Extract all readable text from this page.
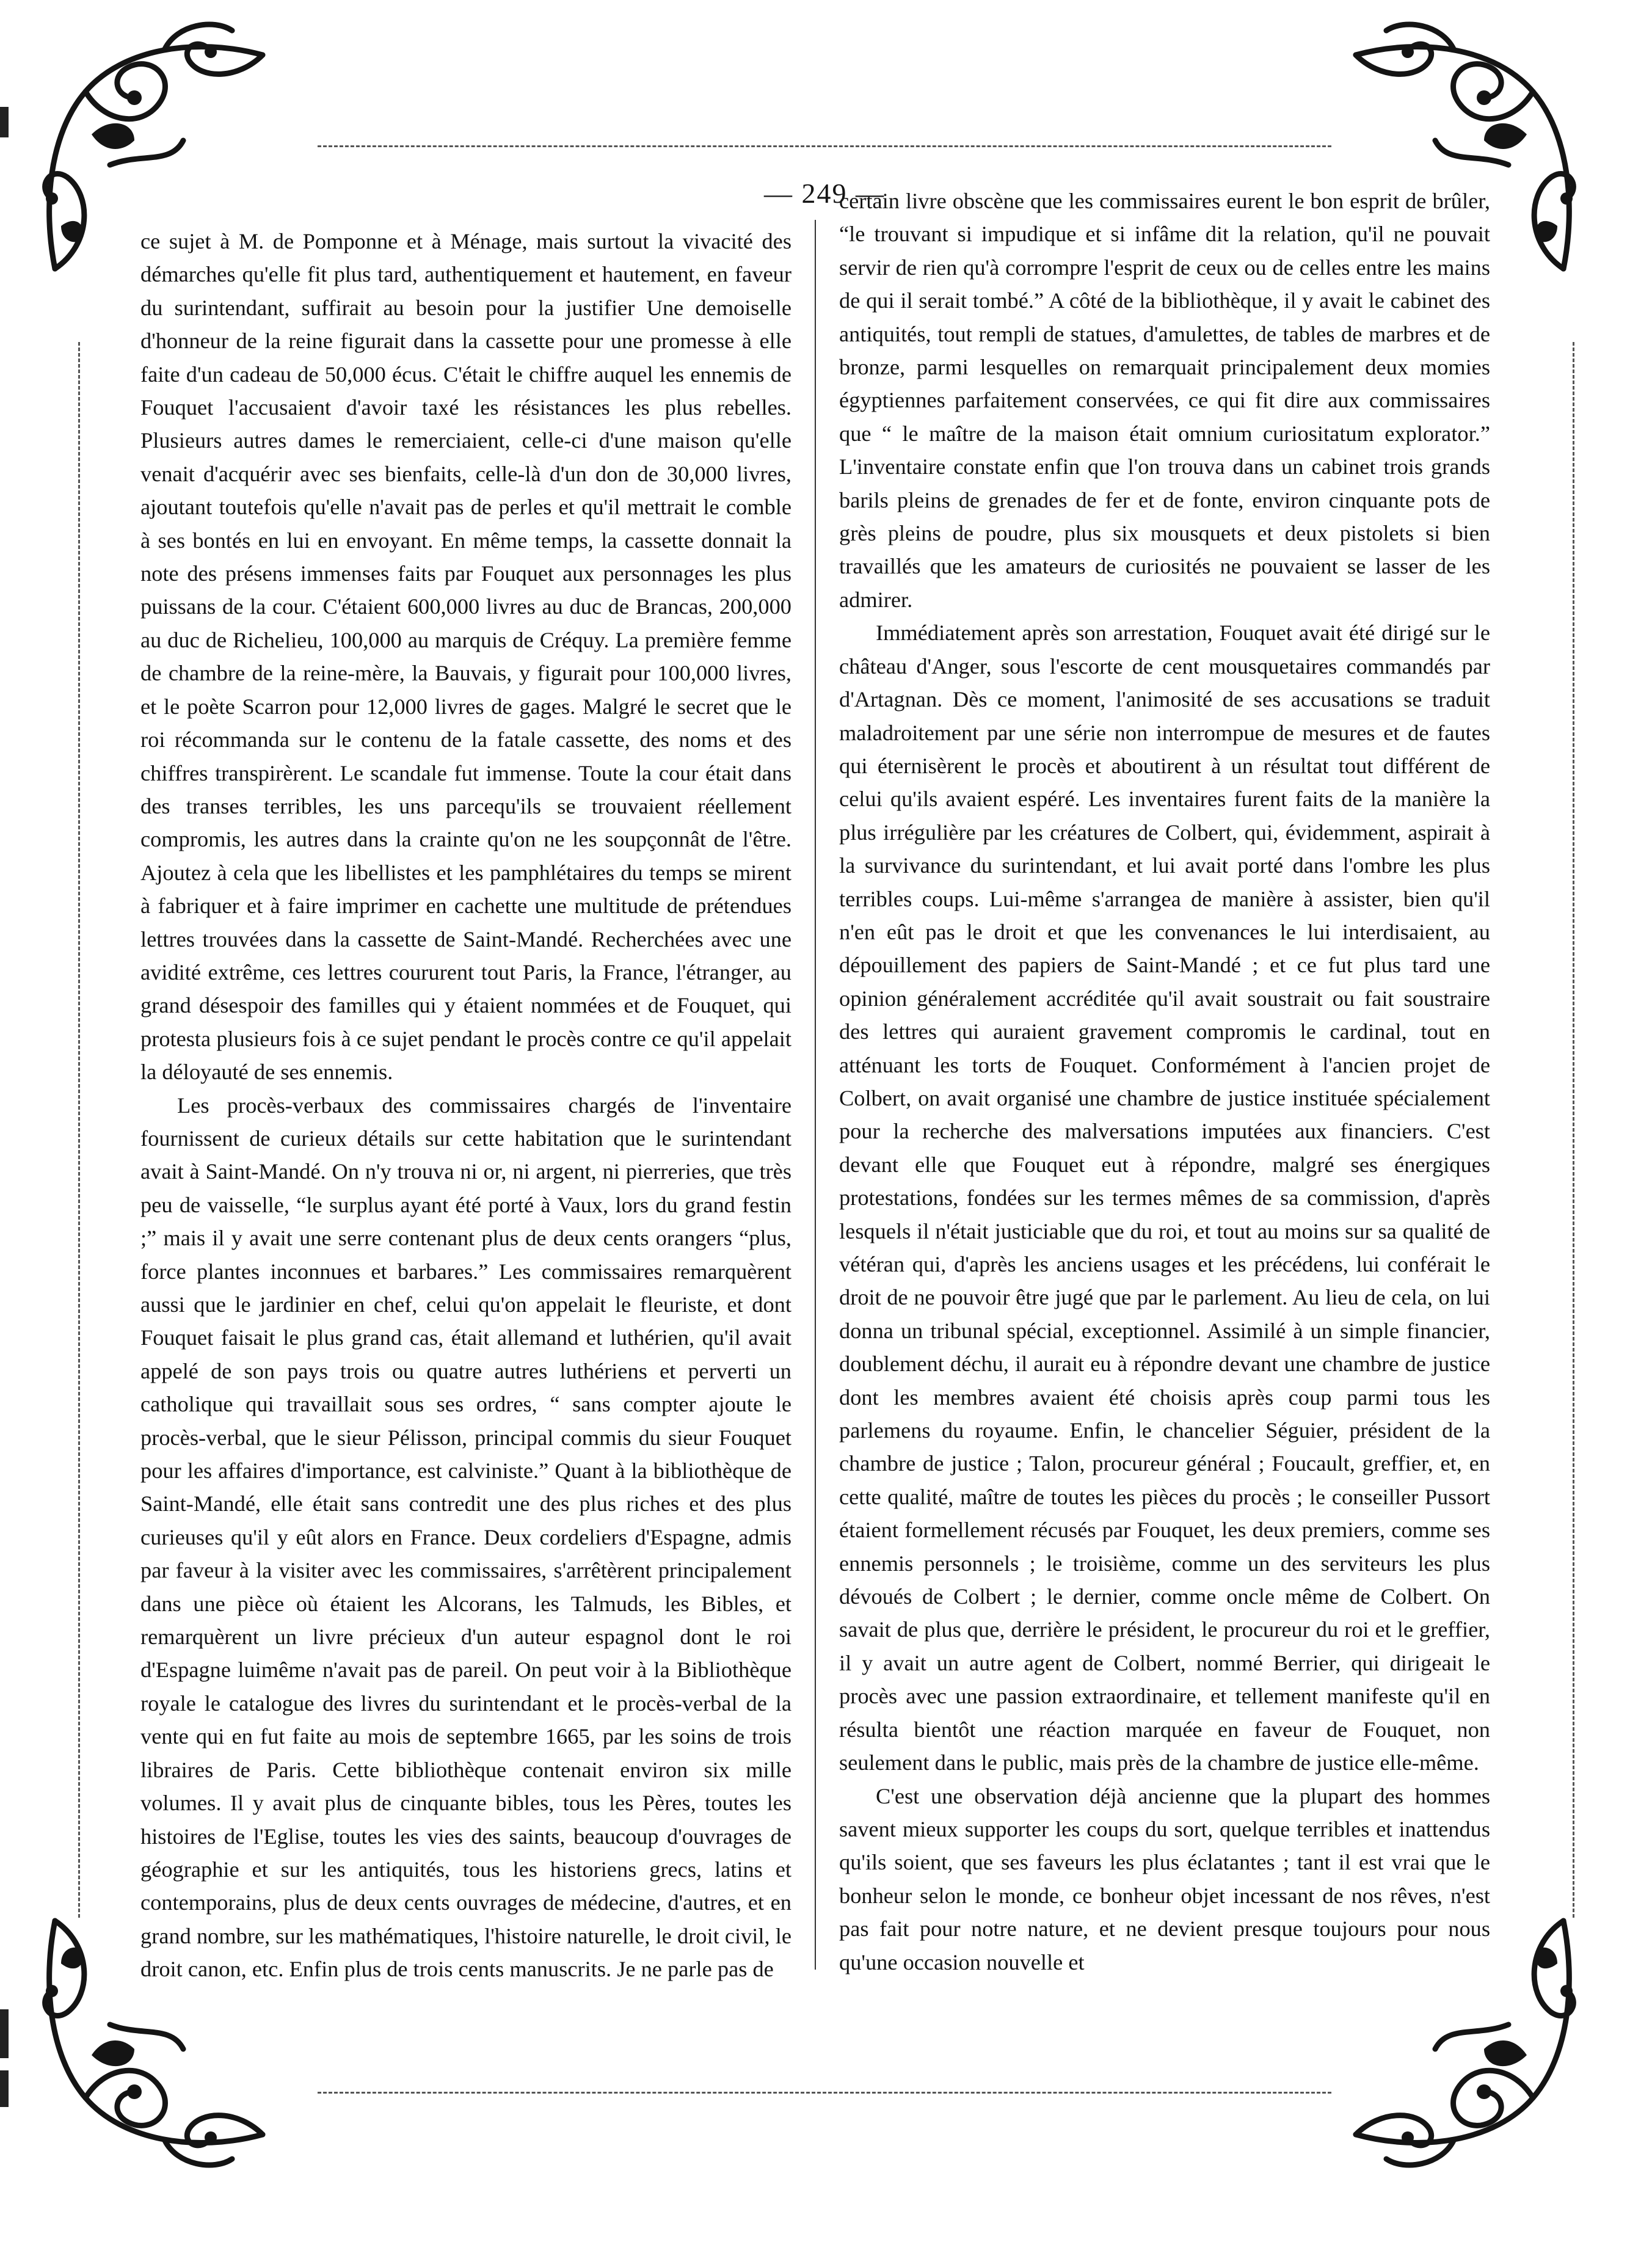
— 249 —

ce sujet à M. de Pomponne et à Ménage, mais surtout la vivacité des démarches qu'elle fit plus tard, authentiquement et hautement, en faveur du surintendant, suffirait au besoin pour la justifier Une demoiselle d'honneur de la reine figurait dans la cassette pour une promesse à elle faite d'un cadeau de 50,000 écus. C'était le chiffre auquel les ennemis de Fouquet l'accusaient d'avoir taxé les résistances les plus rebelles. Plusieurs autres dames le remerciaient, celle-ci d'une maison qu'elle venait d'acquérir avec ses bienfaits, celle-là d'un don de 30,000 livres, ajoutant toutefois qu'elle n'avait pas de perles et qu'il mettrait le comble à ses bontés en lui en envoyant. En même temps, la cassette donnait la note des présens immenses faits par Fouquet aux personnages les plus puissans de la cour. C'étaient 600,000 livres au duc de Brancas, 200,000 au duc de Richelieu, 100,000 au marquis de Créquy. La première femme de chambre de la reine-mère, la Bauvais, y figurait pour 100,000 livres, et le poète Scarron pour 12,000 livres de gages. Malgré le secret que le roi récommanda sur le contenu de la fatale cassette, des noms et des chiffres transpirèrent. Le scandale fut immense. Toute la cour était dans des transes terribles, les uns parcequ'ils se trouvaient réellement compromis, les autres dans la crainte qu'on ne les soupçonnât de l'être. Ajoutez à cela que les libellistes et les pamphlétaires du temps se mirent à fabriquer et à faire imprimer en cachette une multitude de prétendues lettres trouvées dans la cassette de Saint-Mandé. Recherchées avec une avidité extrême, ces lettres coururent tout Paris, la France, l'étranger, au grand désespoir des familles qui y étaient nommées et de Fouquet, qui protesta plusieurs fois à ce sujet pendant le procès contre ce qu'il appelait la déloyauté de ses ennemis.

Les procès-verbaux des commissaires chargés de l'inventaire fournissent de curieux détails sur cette habitation que le surintendant avait à Saint-Mandé. On n'y trouva ni or, ni argent, ni pierreries, que très peu de vaisselle, “le surplus ayant été porté à Vaux, lors du grand festin ;” mais il y avait une serre contenant plus de deux cents orangers “plus, force plantes inconnues et barbares.” Les commissaires remarquèrent aussi que le jardinier en chef, celui qu'on appelait le fleuriste, et dont Fouquet faisait le plus grand cas, était allemand et luthérien, qu'il avait appelé de son pays trois ou quatre autres luthériens et perverti un catholique qui travaillait sous ses ordres, “ sans compter ajoute le procès-verbal, que le sieur Pélisson, principal commis du sieur Fouquet pour les affaires d'importance, est calviniste.” Quant à la bibliothèque de Saint-Mandé, elle était sans contredit une des plus riches et des plus curieuses qu'il y eût alors en France. Deux cordeliers d'Espagne, admis par faveur à la visiter avec les commissaires, s'arrêtèrent principalement dans une pièce où étaient les Alcorans, les Talmuds, les Bibles, et remarquèrent un livre précieux d'un auteur espagnol dont le roi d'Espagne luimême n'avait pas de pareil. On peut voir à la Bibliothèque royale le catalogue des livres du surintendant et le procès-verbal de la vente qui en fut faite au mois de septembre 1665, par les soins de trois libraires de Paris. Cette bibliothèque contenait environ six mille volumes. Il y avait plus de cinquante bibles, tous les Pères, toutes les histoires de l'Eglise, toutes les vies des saints, beaucoup d'ouvrages de géographie et sur les antiquités, tous les historiens grecs, latins et contemporains, plus de deux cents ouvrages de médecine, d'autres, et en grand nombre, sur les mathématiques, l'histoire naturelle, le droit civil, le droit canon, etc. Enfin plus de trois cents manuscrits. Je ne parle pas de

certain livre obscène que les commissaires eurent le bon esprit de brûler, “le trouvant si impudique et si infâme dit la relation, qu'il ne pouvait servir de rien qu'à corrompre l'esprit de ceux ou de celles entre les mains de qui il serait tombé.” A côté de la bibliothèque, il y avait le cabinet des antiquités, tout rempli de statues, d'amulettes, de tables de marbres et de bronze, parmi lesquelles on remarquait principalement deux momies égyptiennes parfaitement conservées, ce qui fit dire aux commissaires que “ le maître de la maison était omnium curiositatum explorator.” L'inventaire constate enfin que l'on trouva dans un cabinet trois grands barils pleins de grenades de fer et de fonte, environ cinquante pots de grès pleins de poudre, plus six mousquets et deux pistolets si bien travaillés que les amateurs de curiosités ne pouvaient se lasser de les admirer.

Immédiatement après son arrestation, Fouquet avait été dirigé sur le château d'Anger, sous l'escorte de cent mousquetaires commandés par d'Artagnan. Dès ce moment, l'animosité de ses accusations se traduit maladroitement par une série non interrompue de mesures et de fautes qui éternisèrent le procès et aboutirent à un résultat tout différent de celui qu'ils avaient espéré. Les inventaires furent faits de la manière la plus irrégulière par les créatures de Colbert, qui, évidemment, aspirait à la survivance du surintendant, et lui avait porté dans l'ombre les plus terribles coups. Lui-même s'arrangea de manière à assister, bien qu'il n'en eût pas le droit et que les convenances le lui interdisaient, au dépouillement des papiers de Saint-Mandé ; et ce fut plus tard une opinion généralement accréditée qu'il avait soustrait ou fait soustraire des lettres qui auraient gravement compromis le cardinal, tout en atténuant les torts de Fouquet. Conformément à l'ancien projet de Colbert, on avait organisé une chambre de justice instituée spécialement pour la recherche des malversations imputées aux financiers. C'est devant elle que Fouquet eut à répondre, malgré ses énergiques protestations, fondées sur les termes mêmes de sa commission, d'après lesquels il n'était justiciable que du roi, et tout au moins sur sa qualité de vétéran qui, d'après les anciens usages et les précédens, lui conférait le droit de ne pouvoir être jugé que par le parlement. Au lieu de cela, on lui donna un tribunal spécial, exceptionnel. Assimilé à un simple financier, doublement déchu, il aurait eu à répondre devant une chambre de justice dont les membres avaient été choisis après coup parmi tous les parlemens du royaume. Enfin, le chancelier Séguier, président de la chambre de justice ; Talon, procureur général ; Foucault, greffier, et, en cette qualité, maître de toutes les pièces du procès ; le conseiller Pussort étaient formellement récusés par Fouquet, les deux premiers, comme ses ennemis personnels ; le troisième, comme un des serviteurs les plus dévoués de Colbert ; le dernier, comme oncle même de Colbert. On savait de plus que, derrière le président, le procureur du roi et le greffier, il y avait un autre agent de Colbert, nommé Berrier, qui dirigeait le procès avec une passion extraordinaire, et tellement manifeste qu'il en résulta bientôt une réaction marquée en faveur de Fouquet, non seulement dans le public, mais près de la chambre de justice elle-même.

C'est une observation déjà ancienne que la plupart des hommes savent mieux supporter les coups du sort, quelque terribles et inattendus qu'ils soient, que ses faveurs les plus éclatantes ; tant il est vrai que le bonheur selon le monde, ce bonheur objet incessant de nos rêves, n'est pas fait pour notre nature, et ne devient presque toujours pour nous qu'une occasion nouvelle et
